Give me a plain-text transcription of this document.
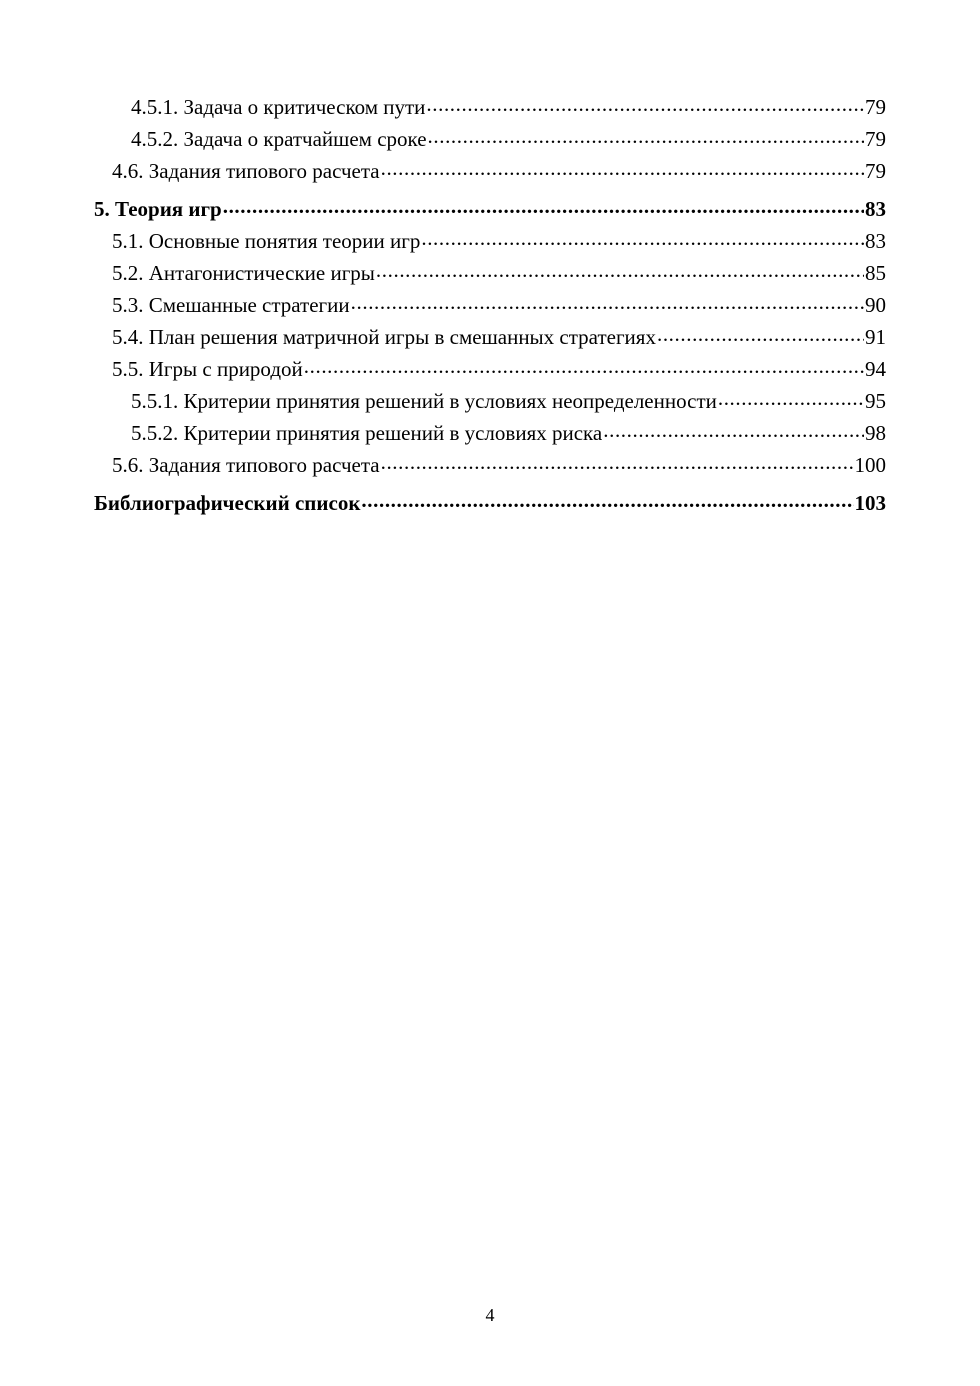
4.5.1. Задача о критическом пути .....	79
4.5.2. Задача о кратчайшем сроке .....	79
4.6. Задания типового расчета .....	79
5. Теория игр .....	83
5.1. Основные понятия теории игр .....	83
5.2. Антагонистические игры .....	85
5.3. Смешанные стратегии .....	90
5.4. План решения матричной игры в смешанных стратегиях .....	91
5.5. Игры с природой .....	94
5.5.1. Критерии принятия решений в условиях неопределенности .....	95
5.5.2. Критерии принятия решений в условиях риска .....	98
5.6. Задания типового расчета .....	100
Библиографический список .....	103
4
